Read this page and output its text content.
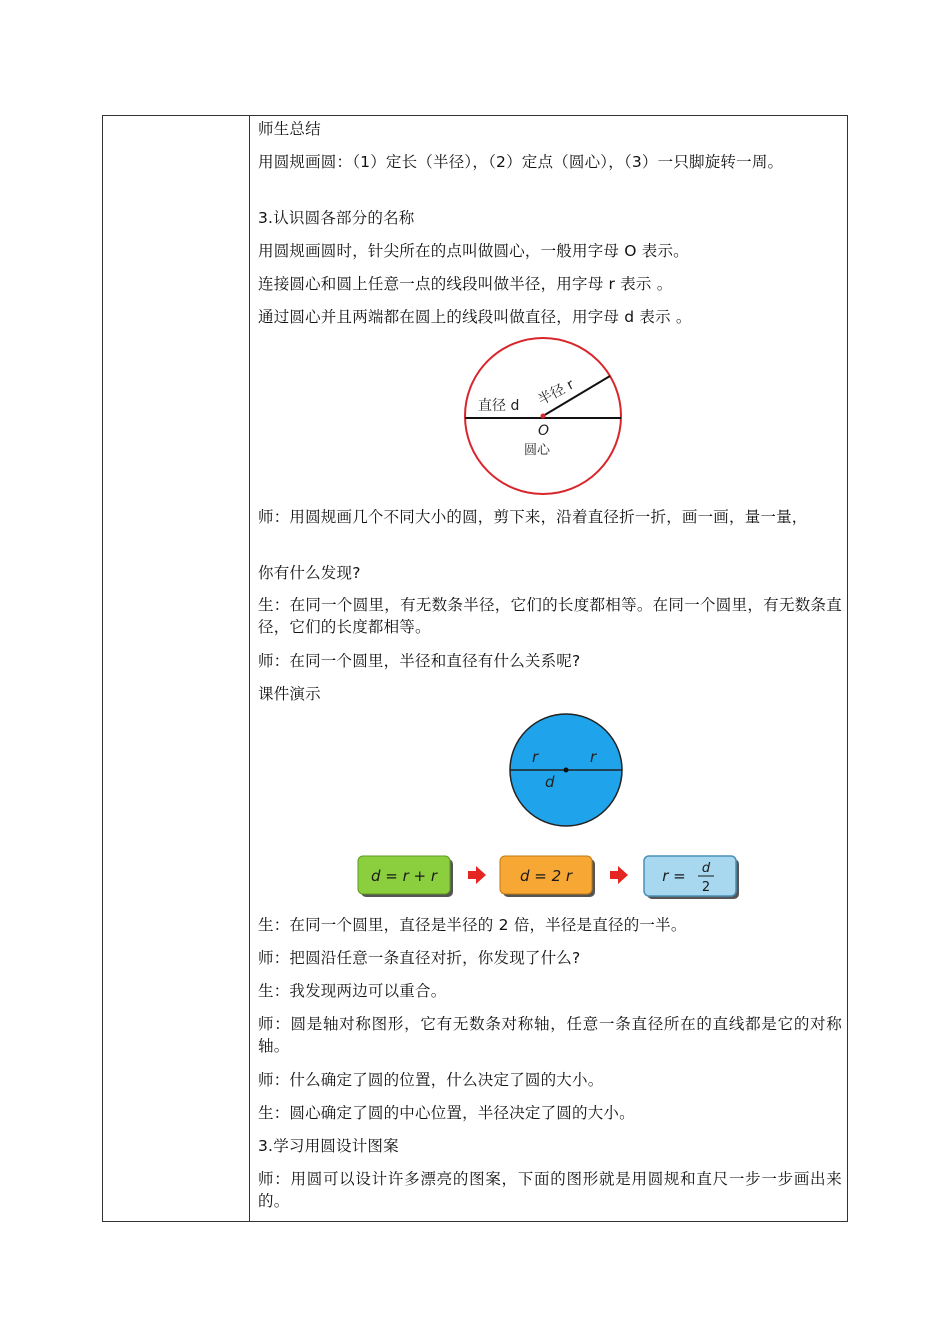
师生总结
用圆规画圆：（1）定长（半径），（2）定点（圆心），（3）一只脚旋转一周。
3.认识圆各部分的名称
用圆规画圆时，针尖所在的点叫做圆心，一般用字母 O 表示。
连接圆心和圆上任意一点的线段叫做半径，用字母 r 表示 。
通过圆心并且两端都在圆上的线段叫做直径，用字母 d 表示 。
半径 r
直径 d
O
圆心
师：用圆规画几个不同大小的圆，剪下来，沿着直径折一折，画一画，量一量，
你有什么发现?
生：在同一个圆里，有无数条半径，它们的长度都相等。在同一个圆里，有无数条直径，它们的长度都相等。
师：在同一个圆里，半径和直径有什么关系呢?
课件演示
r	r
d
d = r + r	d = 2 r	r = d
2
生：在同一个圆里，直径是半径的 2 倍，半径是直径的一半。
师：把圆沿任意一条直径对折，你发现了什么?
生：我发现两边可以重合。
师：圆是轴对称图形，它有无数条对称轴，任意一条直径所在的直线都是它的对称轴。
师：什么确定了圆的位置，什么决定了圆的大小。
生：圆心确定了圆的中心位置，半径决定了圆的大小。
3.学习用圆设计图案
师：用圆可以设计许多漂亮的图案，下面的图形就是用圆规和直尺一步一步画出来的。
